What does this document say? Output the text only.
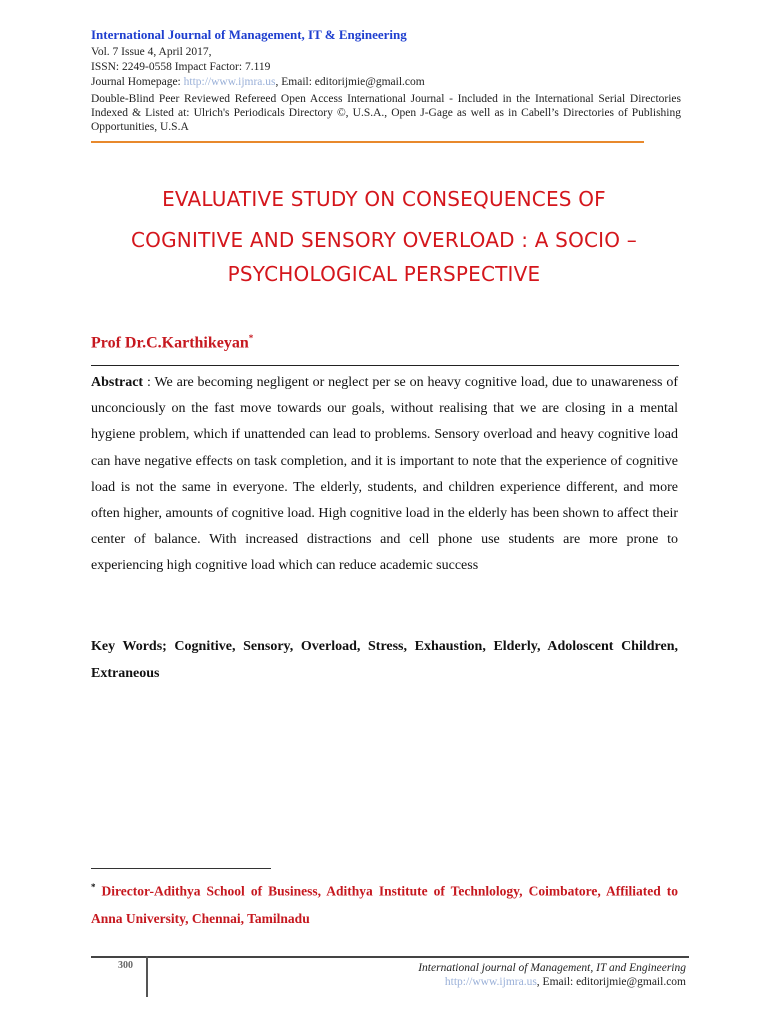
International Journal of Management, IT & Engineering
Vol. 7 Issue 4, April 2017,
ISSN: 2249-0558 Impact Factor: 7.119
Journal Homepage: http://www.ijmra.us, Email: editorijmie@gmail.com
Double-Blind Peer Reviewed Refereed Open Access International Journal - Included in the International Serial Directories Indexed & Listed at: Ulrich's Periodicals Directory ©, U.S.A., Open J-Gage as well as in Cabell’s Directories of Publishing Opportunities, U.S.A
EVALUATIVE STUDY ON CONSEQUENCES OF
COGNITIVE AND SENSORY OVERLOAD : A SOCIO –
PSYCHOLOGICAL PERSPECTIVE
Prof Dr.C.Karthikeyan*
Abstract : We are becoming negligent or neglect per se on heavy cognitive load, due to unawareness of unconciously on the fast move towards our goals, without realising that we are closing in a mental hygiene problem, which if unattended can lead to problems. Sensory overload and heavy cognitive load can have negative effects on task completion, and it is important to note that the experience of cognitive load is not the same in everyone. The elderly, students, and children experience different, and more often higher, amounts of cognitive load. High cognitive load in the elderly has been shown to affect their center of balance. With increased distractions and cell phone use students are more prone to experiencing high cognitive load which can reduce academic success
Key Words; Cognitive, Sensory, Overload, Stress, Exhaustion, Elderly, Adoloscent Children, Extraneous
* Director-Adithya School of Business, Adithya Institute of Technlology, Coimbatore, Affiliated to Anna University, Chennai, Tamilnadu
300	International journal of Management, IT and Engineering
http://www.ijmra.us, Email: editorijmie@gmail.com
